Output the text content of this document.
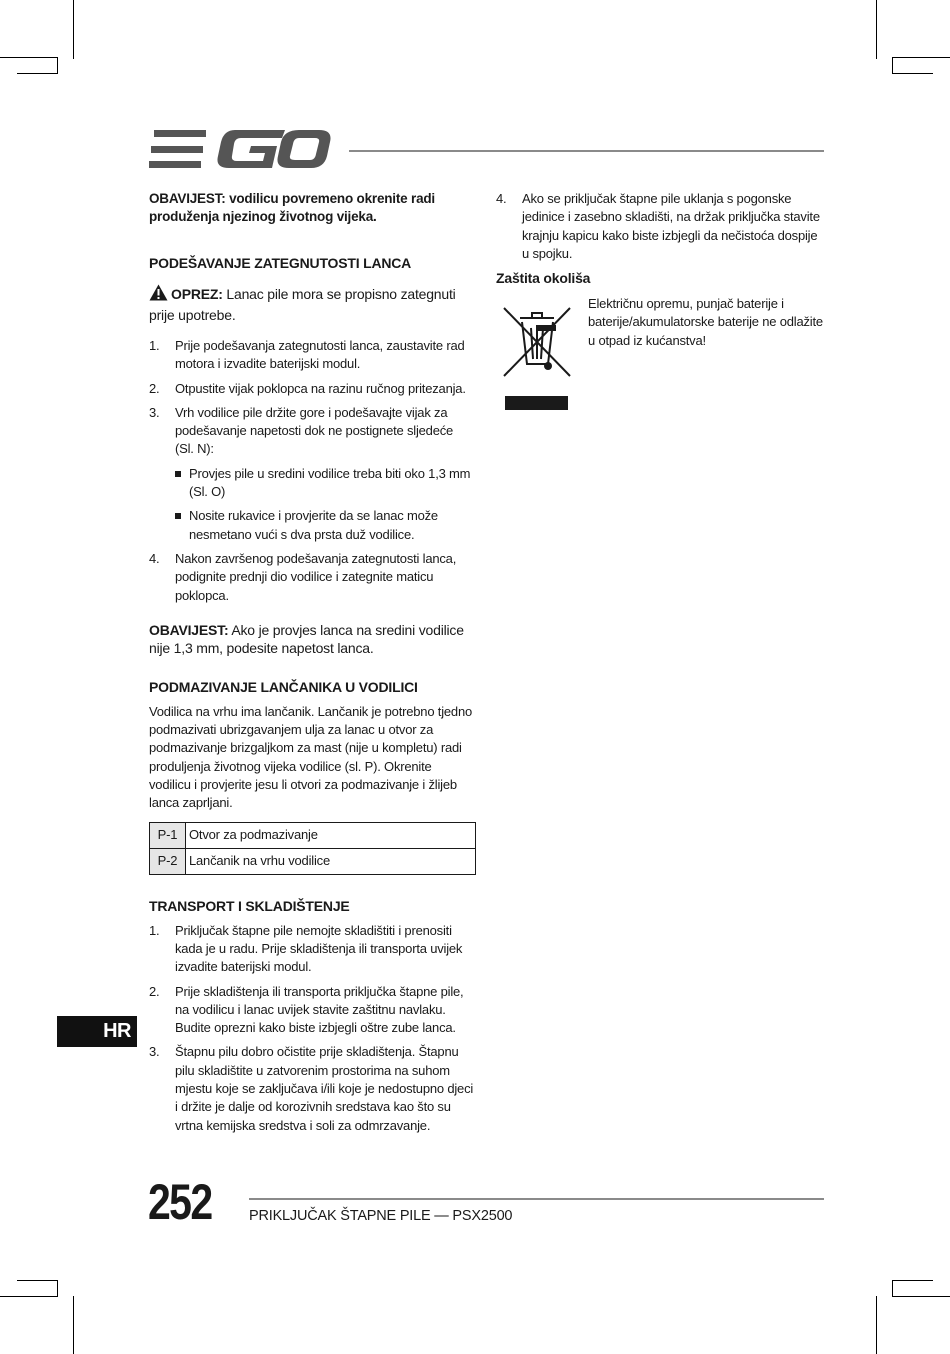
OBAVIJEST: vodilicu povremeno okrenite radi produženja njezinog životnog vijeka.

PODEŠAVANJE ZATEGNUTOSTI LANCA

OPREZ: Lanac pile mora se propisno zategnuti prije upotrebe.

1. Prije podešavanja zategnutosti lanca, zaustavite rad motora i izvadite baterijski modul.
2. Otpustite vijak poklopca na razinu ručnog pritezanja.
3. Vrh vodilice pile držite gore i podešavajte vijak za podešavanje napetosti dok ne postignete sljedeće (Sl. N):
Provjes pile u sredini vodilice treba biti oko 1,3 mm (Sl. O)
Nosite rukavice i provjerite da se lanac može nesmetano vući s dva prsta duž vodilice.
4. Nakon završenog podešavanja zategnutosti lanca, podignite prednji dio vodilice i zategnite maticu poklopca.

OBAVIJEST: Ako je provjes lanca na sredini vodilice nije 1,3 mm, podesite napetost lanca.

PODMAZIVANJE LANČANIKA U VODILICI

Vodilica na vrhu ima lančanik. Lančanik je potrebno tjedno podmazivati ubrizgavanjem ulja za lanac u otvor za podmazivanje brizgaljkom za mast (nije u kompletu) radi produljenja životnog vijeka vodilice (sl. P). Okrenite vodilicu i provjerite jesu li otvori za podmazivanje i žlijeb lanca zaprljani.

P-1	Otvor za podmazivanje
P-2	Lančanik na vrhu vodilice

TRANSPORT I SKLADIŠTENJE

1. Priključak štapne pile nemojte skladištiti i prenositi kada je u radu. Prije skladištenja ili transporta uvijek izvadite baterijski modul.
2. Prije skladištenja ili transporta priključka štapne pile, na vodilicu i lanac uvijek stavite zaštitnu navlaku. Budite oprezni kako biste izbjegli oštre zube lanca.
3. Štapnu pilu dobro očistite prije skladištenja. Štapnu pilu skladištite u zatvorenim prostorima na suhom mjestu koje se zaključava i/ili koje je nedostupno djeci i držite je dalje od korozivnih sredstava kao što su vrtna kemijska sredstva i soli za odmrzavanje.
4. Ako se priključak štapne pile uklanja s pogonske jedinice i zasebno skladišti, na držak priključka stavite krajnju kapicu kako biste izbjegli da nečistoća dospije u spojku.

Zaštita okoliša

Električnu opremu, punjač baterije i baterije/akumulatorske baterije ne odlažite u otpad iz kućanstva!

HR
252	PRIKLJUČAK ŠTAPNE PILE — PSX2500
